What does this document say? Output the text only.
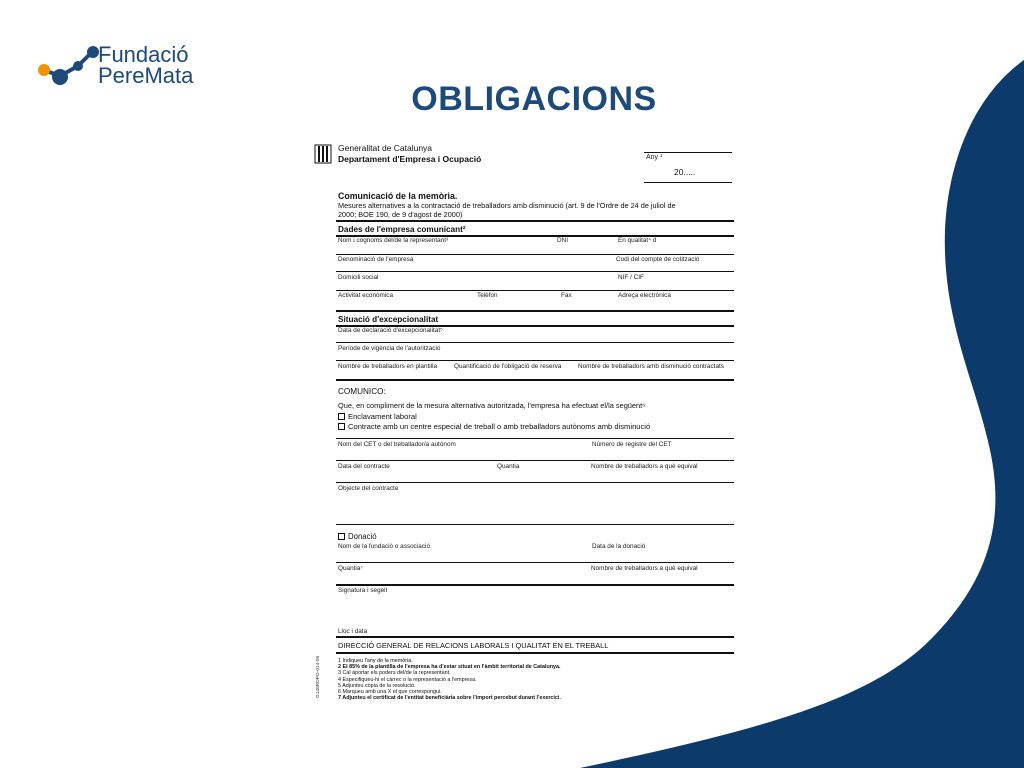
Fundació
PereMata
OBLIGACIONS
Generalitat de Catalunya
Departament d'Empresa i Ocupació	Any ¹
20.....
Comunicació de la memòria.
Mesures alternatives a la contractació de treballadors amb disminució (art. 9 de l'Ordre de 24 de juliol de
2000; BOE 190, de 9 d'agost de 2000)
Dades de l'empresa comunicant²
Nom i cognoms del/de la representant³	DNI	En qualitat⁴ d
Denominació de l'empresa	Codi del compte de cotització
Domicili social	NIF / CIF
Activitat econòmica	Telèfon	Fax	Adreça electrònica
Situació d'excepcionalitat
Data de declaració d'excepcionalitat⁵
Període de vigència de l'autorització
Nombre de treballadors en plantilla	Quantificació de l'obligació de reserva	Nombre de treballadors amb disminució contractats
COMUNICO:
Que, en compliment de la mesura alternativa autoritzada, l'empresa ha efectuat el/la següent⁶
Enclavament laboral
Contracte amb un centre especial de treball o amb treballadors autònoms amb disminució
Nom del CET o del treballador/a autònom	Número de registre del CET
Data del contracte	Quantia	Nombre de treballadors a què equival
Objecte del contracte
Donació
Nom de la fundació o associació	Data de la donació
Quantia⁷	Nombre de treballadors a què equival
Signatura i segell
Lloc i data
DIRECCIÓ GENERAL DE RELACIONS LABORALS I QUALITAT EN EL TREBALL
1 Indiqueu l'any de la memòria.
2 El 85% de la plantilla de l'empresa ha d'estar situat en l'àmbit territorial de Catalunya.
3 Cal aportar els poders del/de la representant.
4 Especifiqueu-hi el càrrec o la representació a l'empresa.
5 Adjunteu còpia de la resolució.
6 Marqueu amb una X el que correspongui.
7 Adjunteu el certificat de l'entitat beneficiària sobre l'import percebut durant l'exercici.
G146RDPO-014-05
